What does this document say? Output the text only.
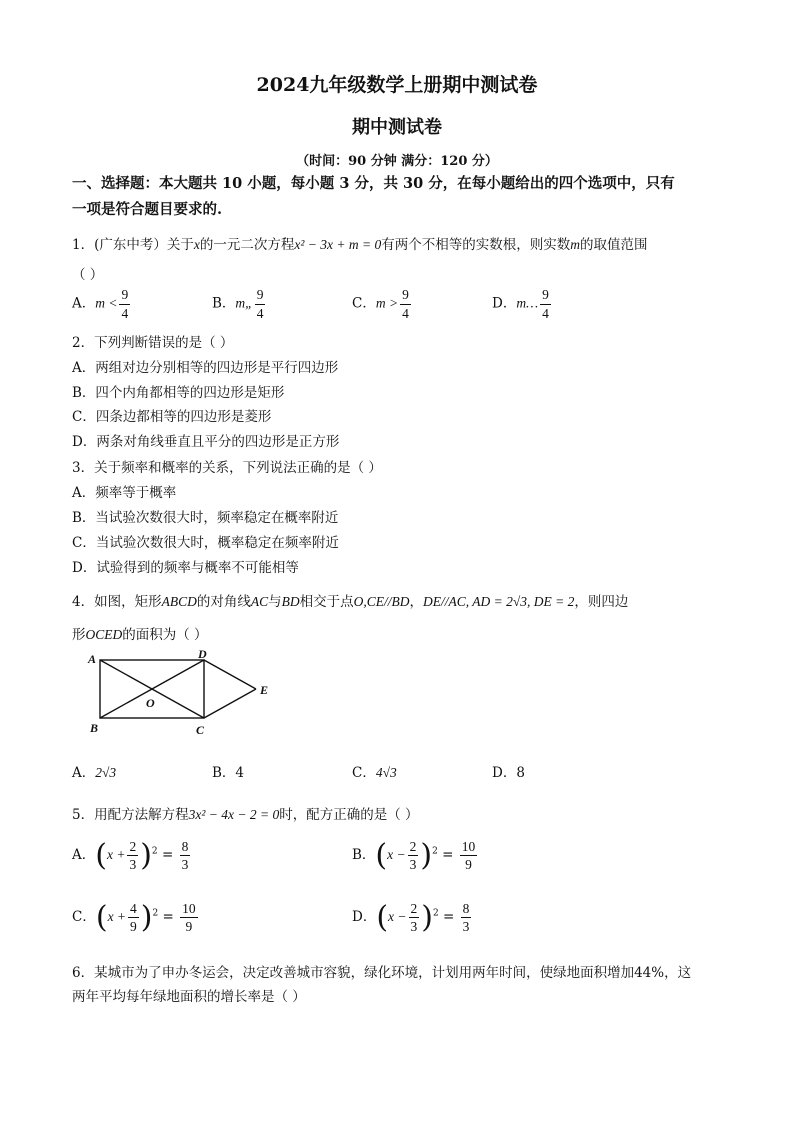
2024九年级数学上册期中测试卷
期中测试卷
（时间：90 分钟 满分：120 分）
一、选择题：本大题共 10 小题，每小题 3 分，共 30 分，在每小题给出的四个选项中，只有
一项是符合题目要求的.
1．(广东中考）关于x的一元二次方程x² − 3x + m = 0有两个不相等的实数根，则实数m的取值范围
（ ）
A．$m < \frac{9}{4}$	B．m„ $\frac{9}{4}$	C．$m > \frac{9}{4}$	D．m… $\frac{9}{4}$
2．下列判断错误的是（ ）
A．两组对边分别相等的四边形是平行四边形
B．四个内角都相等的四边形是矩形
C．四条边都相等的四边形是菱形
D．两条对角线垂直且平分的四边形是正方形
3．关于频率和概率的关系，下列说法正确的是（ ）
A．频率等于概率
B．当试验次数很大时，频率稳定在概率附近
C．当试验次数很大时，概率稳定在频率附近
D．试验得到的频率与概率不可能相等
4．如图，矩形ABCD的对角线AC与BD相交于点O,CE//BD，DE//AC, AD = 2√3, DE = 2，则四边
形OCED的面积为（ ）
A	D
B	C
O
E
A．2√3	B．4	C．4√3	D．8
5．用配方法解方程3x² − 4x − 2 = 0时，配方正确的是（ ）
A．$(x + \frac{2}{3} )^2 = \frac{8}{3}$	B．$(x - \frac{2}{3} )^2 = \frac{10}{9}$
C．$(x + \frac{4}{9} )^2 = \frac{10}{9}$	D．$(x - \frac{2}{3} )^2 = \frac{8}{3}$
6．某城市为了申办冬运会，决定改善城市容貌，绿化环境，计划用两年时间，使绿地面积增加44%，这
两年平均每年绿地面积的增长率是（ ）
